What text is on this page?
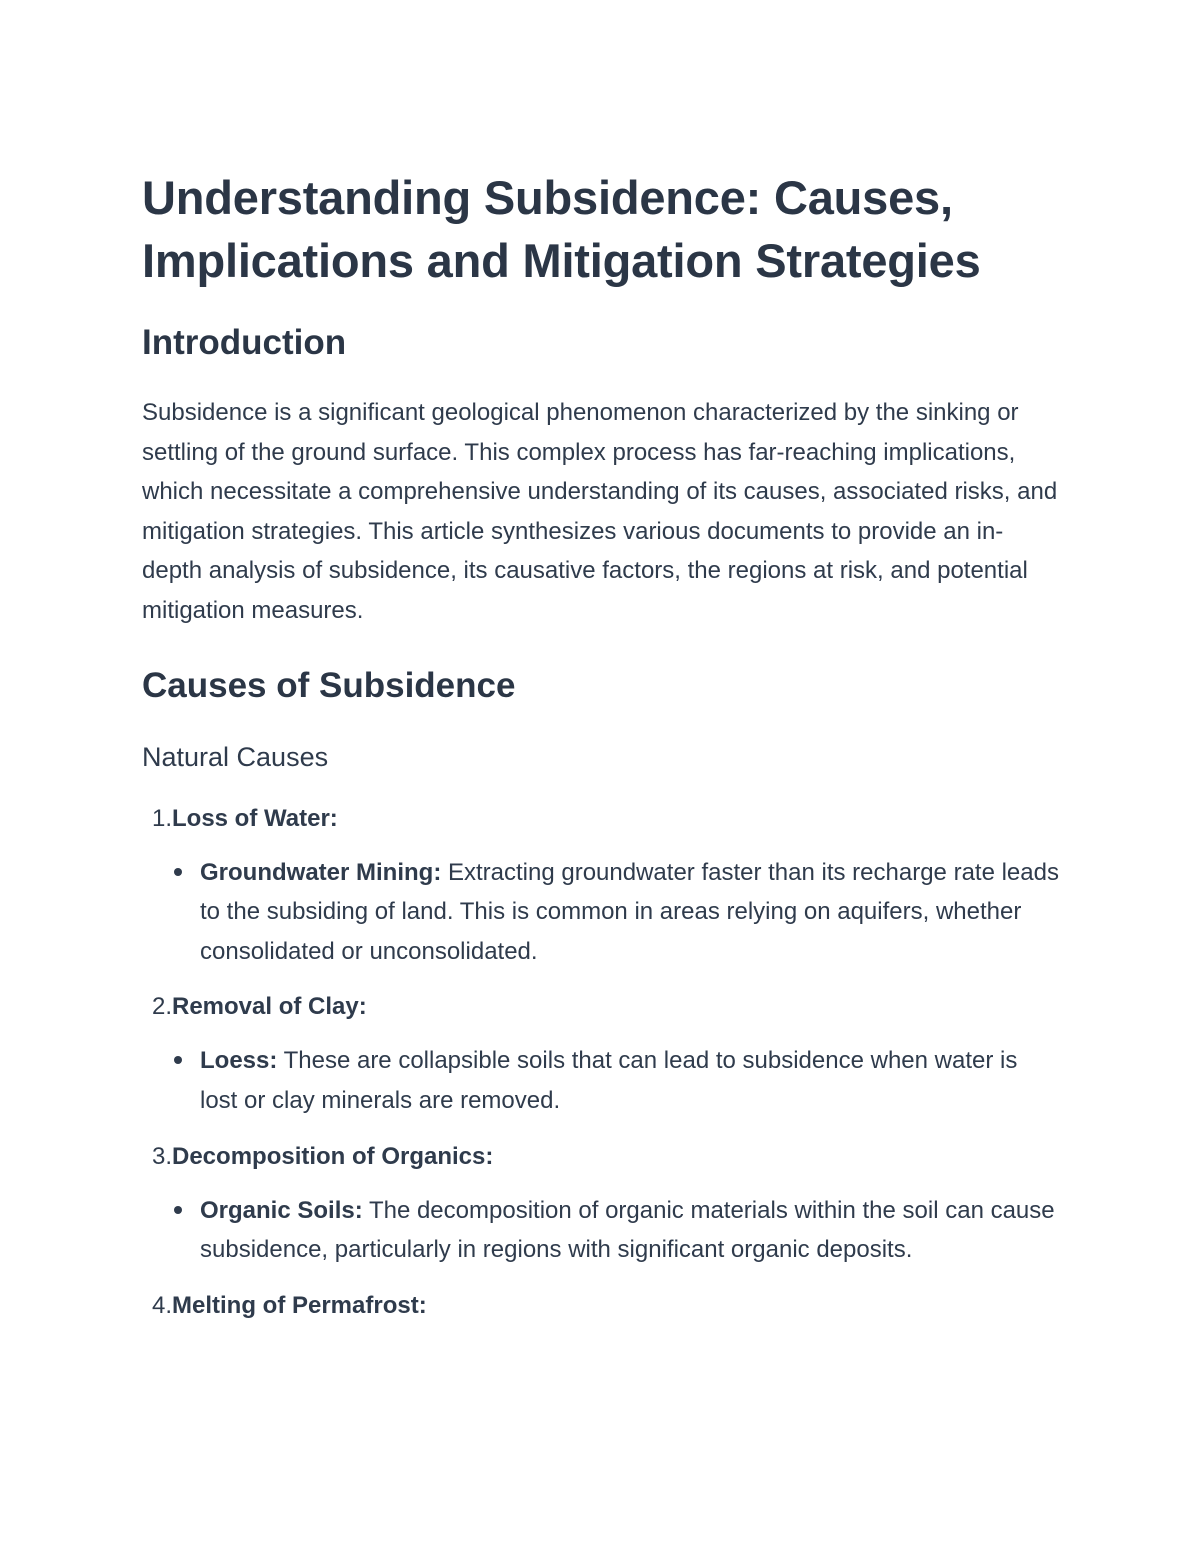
Understanding Subsidence: Causes, Implications and Mitigation Strategies
Introduction

Subsidence is a significant geological phenomenon characterized by the sinking or settling of the ground surface. This complex process has far-reaching implications, which necessitate a comprehensive understanding of its causes, associated risks, and mitigation strategies. This article synthesizes various documents to provide an in-depth analysis of subsidence, its causative factors, the regions at risk, and potential mitigation measures.

Causes of Subsidence
Natural Causes
1. Loss of Water:
Groundwater Mining: Extracting groundwater faster than its recharge rate leads to the subsiding of land. This is common in areas relying on aquifers, whether consolidated or unconsolidated.
2. Removal of Clay:
Loess: These are collapsible soils that can lead to subsidence when water is lost or clay minerals are removed.
3. Decomposition of Organics:
Organic Soils: The decomposition of organic materials within the soil can cause subsidence, particularly in regions with significant organic deposits.
4. Melting of Permafrost:
